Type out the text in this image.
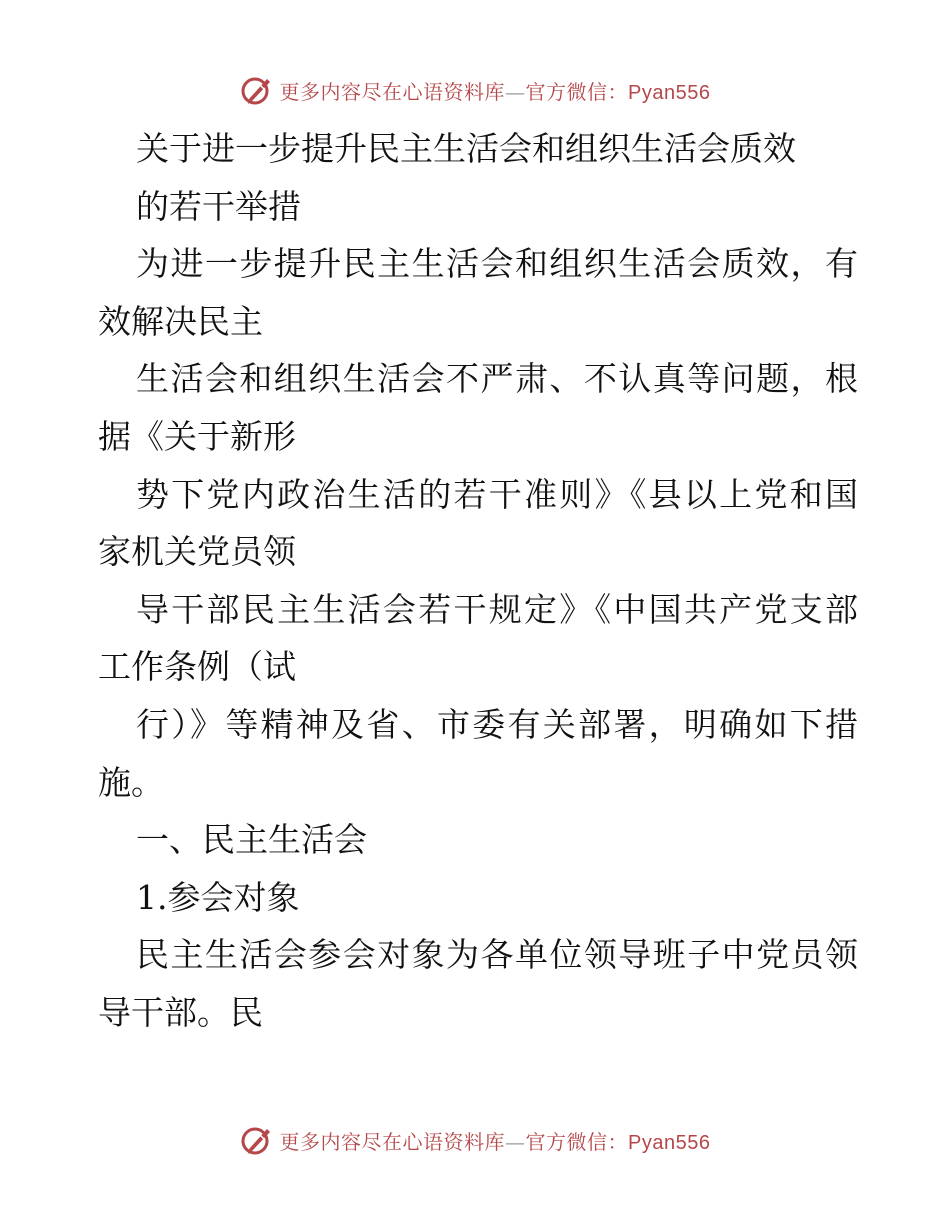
更多内容尽在心语资料库—官方微信：Pyan556
关于进一步提升民主生活会和组织生活会质效
的若干举措
为进一步提升民主生活会和组织生活会质效，有
效解决民主
生活会和组织生活会不严肃、不认真等问题，根
据《关于新形
势下党内政治生活的若干准则》《县以上党和国
家机关党员领
导干部民主生活会若干规定》《中国共产党支部
工作条例（试
行）》等精神及省、市委有关部署，明确如下措
施。
一、民主生活会
1.参会对象
民主生活会参会对象为各单位领导班子中党员领
导干部。民
更多内容尽在心语资料库—官方微信：Pyan556
